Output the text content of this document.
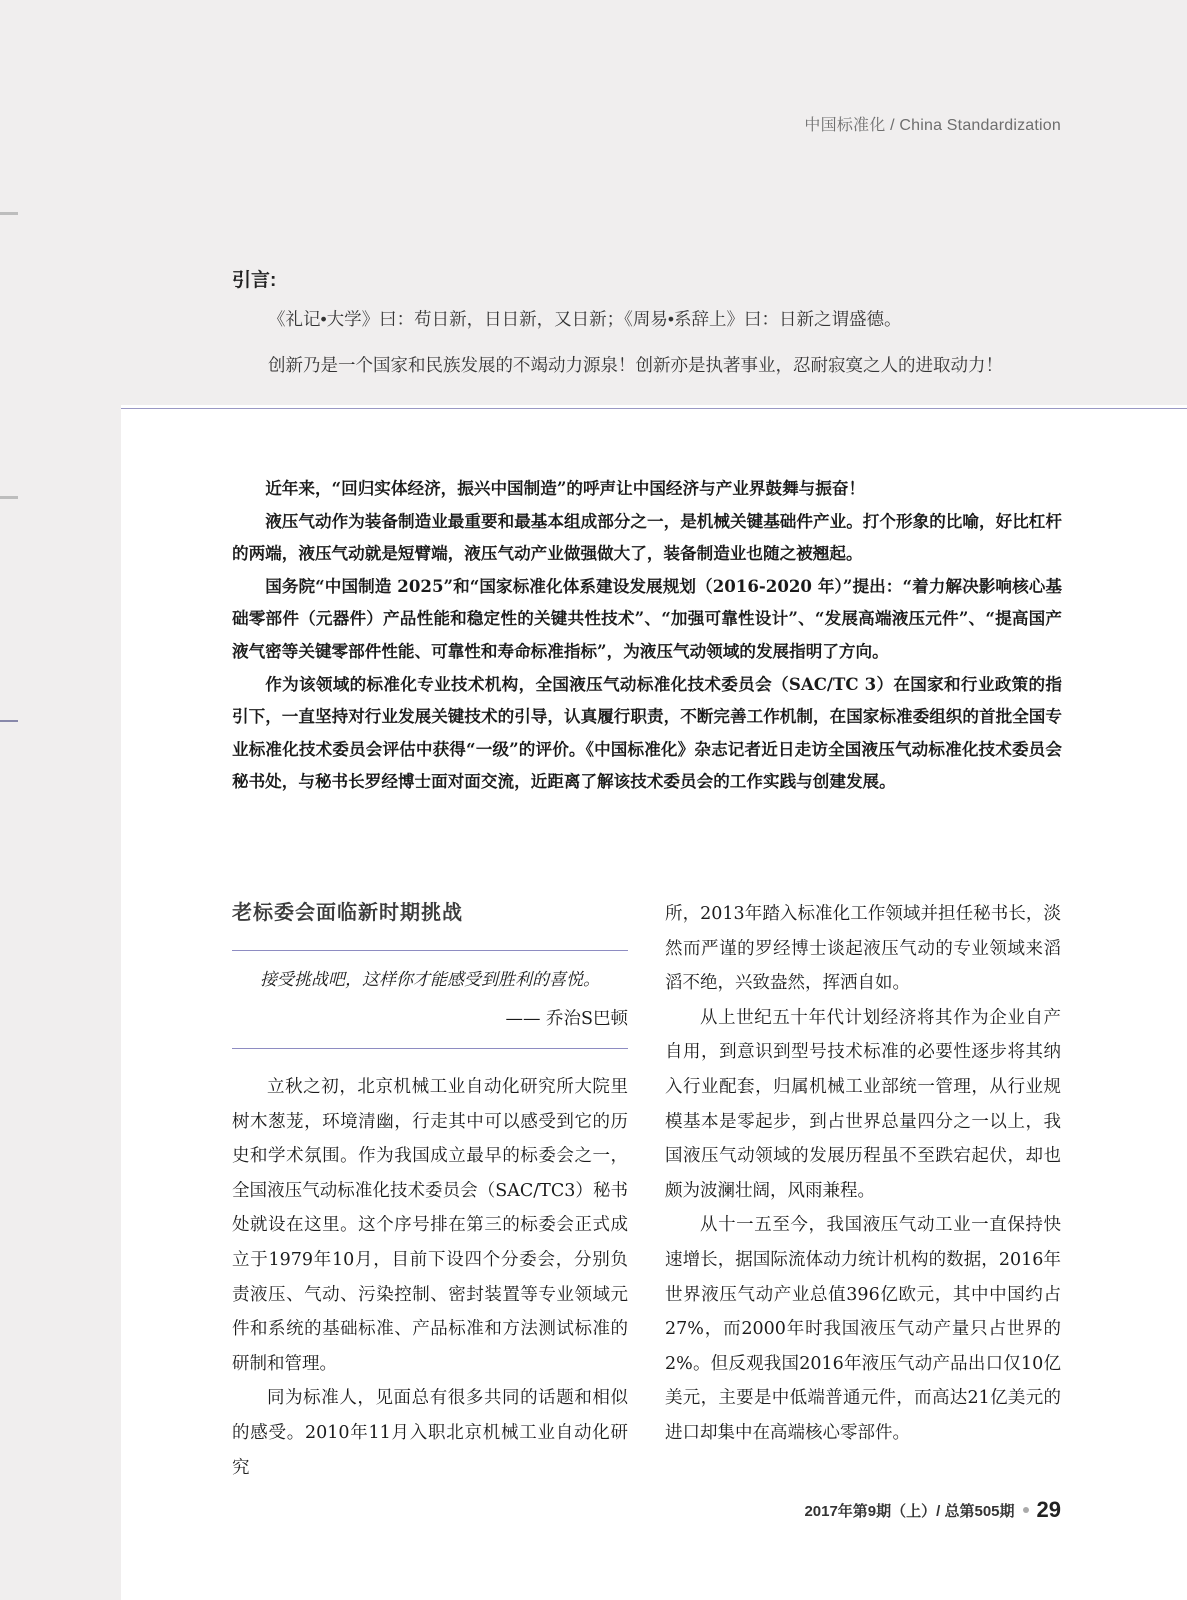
中国标准化 / China Standardization
引言:
《礼记•大学》曰：苟日新，日日新，又日新；《周易•系辞上》曰：日新之谓盛德。
创新乃是一个国家和民族发展的不竭动力源泉！创新亦是执著事业，忍耐寂寞之人的进取动力！

近年来，“回归实体经济，振兴中国制造”的呼声让中国经济与产业界鼓舞与振奋！

液压气动作为装备制造业最重要和最基本组成部分之一，是机械关键基础件产业。打个形象的比喻，好比杠杆的两端，液压气动就是短臂端，液压气动产业做强做大了，装备制造业也随之被翘起。

国务院“中国制造 2025”和“国家标准化体系建设发展规划（2016-2020 年）”提出：“着力解决影响核心基础零部件（元器件）产品性能和稳定性的关键共性技术”、“加强可靠性设计”、“发展高端液压元件”、“提高国产液气密等关键零部件性能、可靠性和寿命标准指标”，为液压气动领域的发展指明了方向。

作为该领域的标准化专业技术机构，全国液压气动标准化技术委员会（SAC/TC 3）在国家和行业政策的指引下，一直坚持对行业发展关键技术的引导，认真履行职责，不断完善工作机制，在国家标准委组织的首批全国专业标准化技术委员会评估中获得“一级”的评价。《中国标准化》杂志记者近日走访全国液压气动标准化技术委员会秘书处，与秘书长罗经博士面对面交流，近距离了解该技术委员会的工作实践与创建发展。

老标委会面临新时期挑战
接受挑战吧，这样你才能感受到胜利的喜悦。
—— 乔治S巴顿

立秋之初，北京机械工业自动化研究所大院里树木葱茏，环境清幽，行走其中可以感受到它的历史和学术氛围。作为我国成立最早的标委会之一，全国液压气动标准化技术委员会（SAC/TC3）秘书处就设在这里。这个序号排在第三的标委会正式成立于1979年10月，目前下设四个分委会，分别负责液压、气动、污染控制、密封装置等专业领域元件和系统的基础标准、产品标准和方法测试标准的研制和管理。

同为标准人，见面总有很多共同的话题和相似的感受。2010年11月入职北京机械工业自动化研究

所，2013年踏入标准化工作领域并担任秘书长，淡然而严谨的罗经博士谈起液压气动的专业领域来滔滔不绝，兴致盎然，挥洒自如。

从上世纪五十年代计划经济将其作为企业自产自用，到意识到型号技术标准的必要性逐步将其纳入行业配套，归属机械工业部统一管理，从行业规模基本是零起步，到占世界总量四分之一以上，我国液压气动领域的发展历程虽不至跌宕起伏，却也颇为波澜壮阔，风雨兼程。

从十一五至今，我国液压气动工业一直保持快速增长，据国际流体动力统计机构的数据，2016年世界液压气动产业总值396亿欧元，其中中国约占27%，而2000年时我国液压气动产量只占世界的2%。但反观我国2016年液压气动产品出口仅10亿美元，主要是中低端普通元件，而高达21亿美元的进口却集中在高端核心零部件。

2017年第9期（上）/ 总第505期 29
